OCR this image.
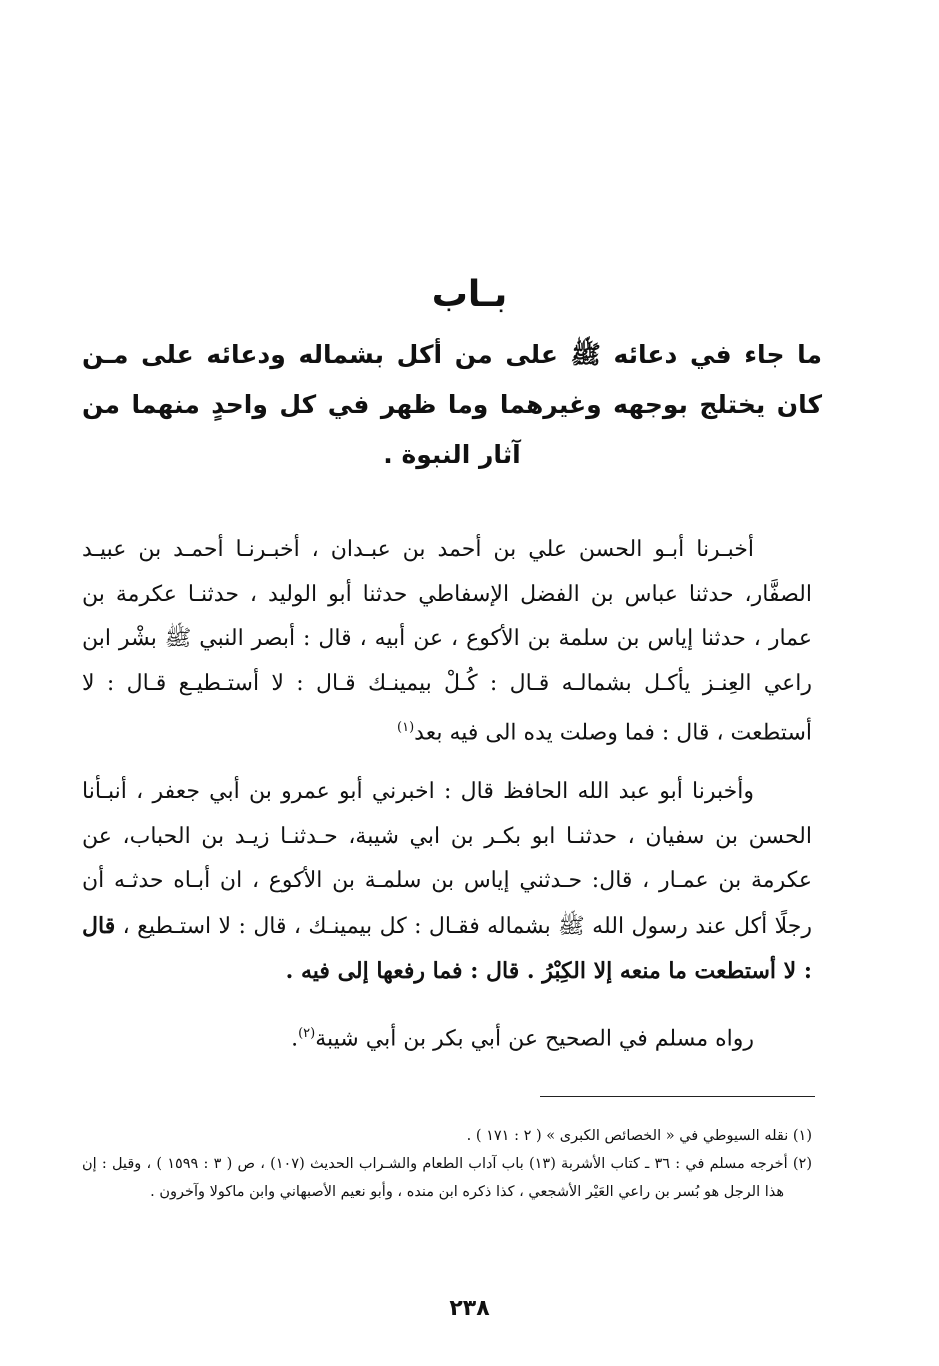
بـاب
ما جاء في دعائه ﷺ على من أكل بشماله ودعائه على مـن كان يختلج بوجهه وغيرهما وما ظهر في كل واحدٍ منهما من آثار النبوة .

أخبـرنا أبـو الحسن علي بن أحمد بن عبـدان ، أخبـرنـا أحمـد بن عبيـد الصفَّار، حدثنا عباس بن الفضل الإسفاطي حدثنا أبو الوليد ، حدثنـا عكرمة بن عمار ، حدثنا إياس بن سلمة بن الأكوع ، عن أبيه ، قال : أبصر النبي ﷺ بشْر ابن راعي العِنـز يأكـل بشمالـه قـال : كُـلْ بيمينـك قـال : لا أستـطيـع قـال : لا أستطعت ، قال : فما وصلت يده الى فيه بعد$^{(١)}$

وأخبرنا أبو عبد الله الحافظ قال : اخبرني أبو عمرو بن أبي جعفر ، أنبـأنا الحسن بن سفيان ، حدثنـا ابو بكـر بن ابي شيبة، حـدثنـا زيـد بن الحباب، عن عكرمة بن عمـار ، قال: حـدثني إياس بن سلمـة بن الأكوع ، ان أبـاه حدثـه أن رجلًا أكل عند رسول الله ﷺ بشماله فقـال : كل بيمينـك ، قال : لا استـطيع ، قال : لا أستطعت ما منعه إلا الكِبْرُ . قال : فما رفعها إلى فيه .

رواه مسلم في الصحيح عن أبي بكر بن أبي شيبة$^{(٢)}$.

(١) نقله السيوطي في « الخصائص الكبرى » ( ٢ : ١٧١ ) .

(٢) أخرجه مسلم في : ٣٦ ـ كتاب الأشربة (١٣) باب آداب الطعام والشـراب الحديث (١٠٧) ، ص ( ٣ : ١٥٩٩ ) ، وقيل : إن هذا الرجل هو بُسر بن راعي العَيْر الأشجعي ، كذا ذكره ابن منده ، وأبو نعيم الأصبهاني وابن ماكولا وآخرون .

٢٣٨
